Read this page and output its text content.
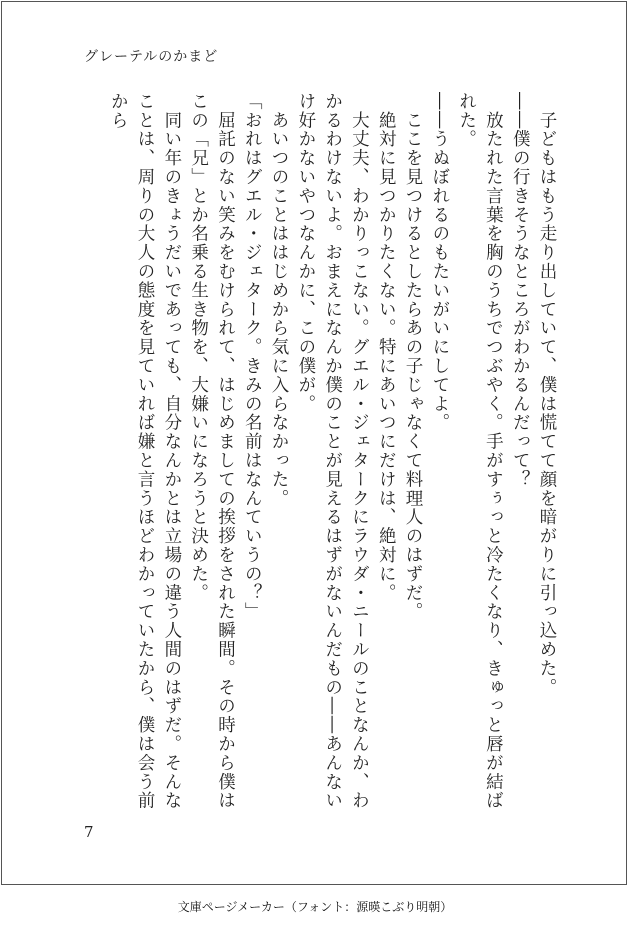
グレーテルのかまど

　子どもはもう走り出していて、僕は慌てて顔を暗がりに引っ込めた。

――僕の行きそうなところがわかるんだって？

　放たれた言葉を胸のうちでつぶやく。手がすぅっと冷たくなり、きゅっと唇が結ばれた。

――うぬぼれるのもたいがいにしてよ。

　ここを見つけるとしたらあの子じゃなくて料理人のはずだ。

　絶対に見つかりたくない。特にあいつにだけは、絶対に。

　大丈夫、わかりっこない。グエル・ジェタークにラウダ・ニールのことなんか、わかるわけないよ。おまえになんか僕のことが見えるはずがないんだもの――あんないけ好かないやつなんかに、この僕が。

　あいつのことははじめから気に入らなかった。

「おれはグエル・ジェターク。きみの名前はなんていうの？」

　屈託のない笑みをむけられて、はじめましての挨拶をされた瞬間。その時から僕はこの「兄」とか名乗る生き物を、大嫌いになろうと決めた。

　同い年のきょうだいであっても、自分なんかとは立場の違う人間のはずだ。そんなことは、周りの大人の態度を見ていれば嫌と言うほどわかっていたから、僕は会う前から

7
文庫ページメーカー（フォント：源暎こぶり明朝）
